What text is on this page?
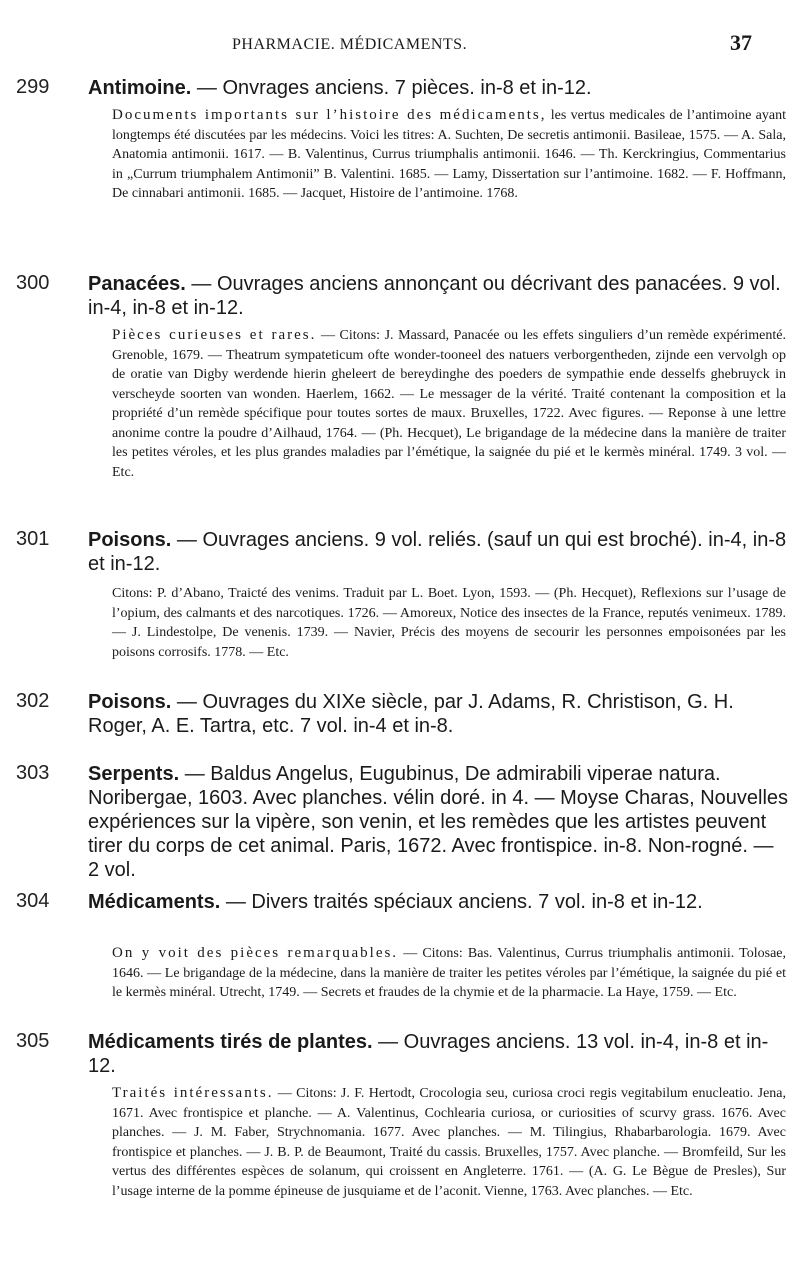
PHARMACIE. MÉDICAMENTS.	37
299 Antimoine. — Onvrages anciens. 7 pièces. in-8 et in-12.
Documents importants sur l’histoire des médicaments, les vertus medicales de l’antimoine ayant longtemps été discutées par les médecins. Voici les titres: A. Suchten, De secretis antimonii. Basileae, 1575. — A. Sala, Anatomia antimonii. 1617. — B. Valentinus, Currus triumphalis antimonii. 1646. — Th. Kerckringius, Commentarius in „Currum triumphalem Antimonii” B. Valentini. 1685. — Lamy, Dissertation sur l’antimoine. 1682. — F. Hoffmann, De cinnabari antimonii. 1685. — Jacquet, Histoire de l’antimoine. 1768.
300 Panacées. — Ouvrages anciens annonçant ou décrivant des panacées. 9 vol. in-4, in-8 et in-12.
Pièces curieuses et rares. — Citons: J. Massard, Panacée ou les effets singuliers d’un remède expérimenté. Grenoble, 1679. — Theatrum sympateticum ofte wonder-tooneel des natuers verborgentheden, zijnde een vervolgh op de oratie van Digby werdende hierin gheleert de bereydinghe des poeders de sympathie ende desselfs ghebruyck in verscheyde soorten van wonden. Haerlem, 1662. — Le messager de la vérité. Traité contenant la composition et la propriété d’un remède spécifique pour toutes sortes de maux. Bruxelles, 1722. Avec figures. — Reponse à une lettre anonime contre la poudre d’Ailhaud, 1764. — (Ph. Hecquet), Le brigandage de la médecine dans la manière de traiter les petites véroles, et les plus grandes maladies par l’émétique, la saignée du pié et le kermès minéral. 1749. 3 vol. — Etc.
301 Poisons. — Ouvrages anciens. 9 vol. reliés. (sauf un qui est broché). in-4, in-8 et in-12.
Citons: P. d’Abano, Traicté des venims. Traduit par L. Boet. Lyon, 1593. — (Ph. Hecquet), Reflexions sur l’usage de l’opium, des calmants et des narcotiques. 1726. — Amoreux, Notice des insectes de la France, reputés venimeux. 1789. — J. Lindestolpe, De venenis. 1739. — Navier, Précis des moyens de secourir les personnes empoisonées par les poisons corrosifs. 1778. — Etc.
302 Poisons. — Ouvrages du XIXe siècle, par J. Adams, R. Christison, G. H. Roger, A. E. Tartra, etc. 7 vol. in-4 et in-8.
303 Serpents. — Baldus Angelus, Eugubinus, De admirabili viperae natura. Noribergae, 1603. Avec planches. vélin doré. in 4. — Moyse Charas, Nouvelles expériences sur la vipère, son venin, et les remèdes que les artistes peuvent tirer du corps de cet animal. Paris, 1672. Avec frontispice. in-8. Non-rogné. — 2 vol.
304 Médicaments. — Divers traités spéciaux anciens. 7 vol. in-8 et in-12.
On y voit des pièces remarquables. — Citons: Bas. Valentinus, Currus triumphalis antimonii. Tolosae, 1646. — Le brigandage de la médecine, dans la manière de traiter les petites véroles par l’émétique, la saignée du pié et le kermès minéral. Utrecht, 1749. — Secrets et fraudes de la chymie et de la pharmacie. La Haye, 1759. — Etc.
305 Médicaments tirés de plantes. — Ouvrages anciens. 13 vol. in-4, in-8 et in-12.
Traités intéressants. — Citons: J. F. Hertodt, Crocologia seu, curiosa croci regis vegitabilum enucleatio. Jena, 1671. Avec frontispice et planche. — A. Valentinus, Cochlearia curiosa, or curiosities of scurvy grass. 1676. Avec planches. — J. M. Faber, Strychnomania. 1677. Avec planches. — M. Tilingius, Rhabarbarologia. 1679. Avec frontispice et planches. — J. B. P. de Beaumont, Traité du cassis. Bruxelles, 1757. Avec planche. — Bromfeild, Sur les vertus des différentes espèces de solanum, qui croissent en Angleterre. 1761. — (A. G. Le Bègue de Presles), Sur l’usage interne de la pomme épineuse de jusquiame et de l’aconit. Vienne, 1763. Avec planches. — Etc.
